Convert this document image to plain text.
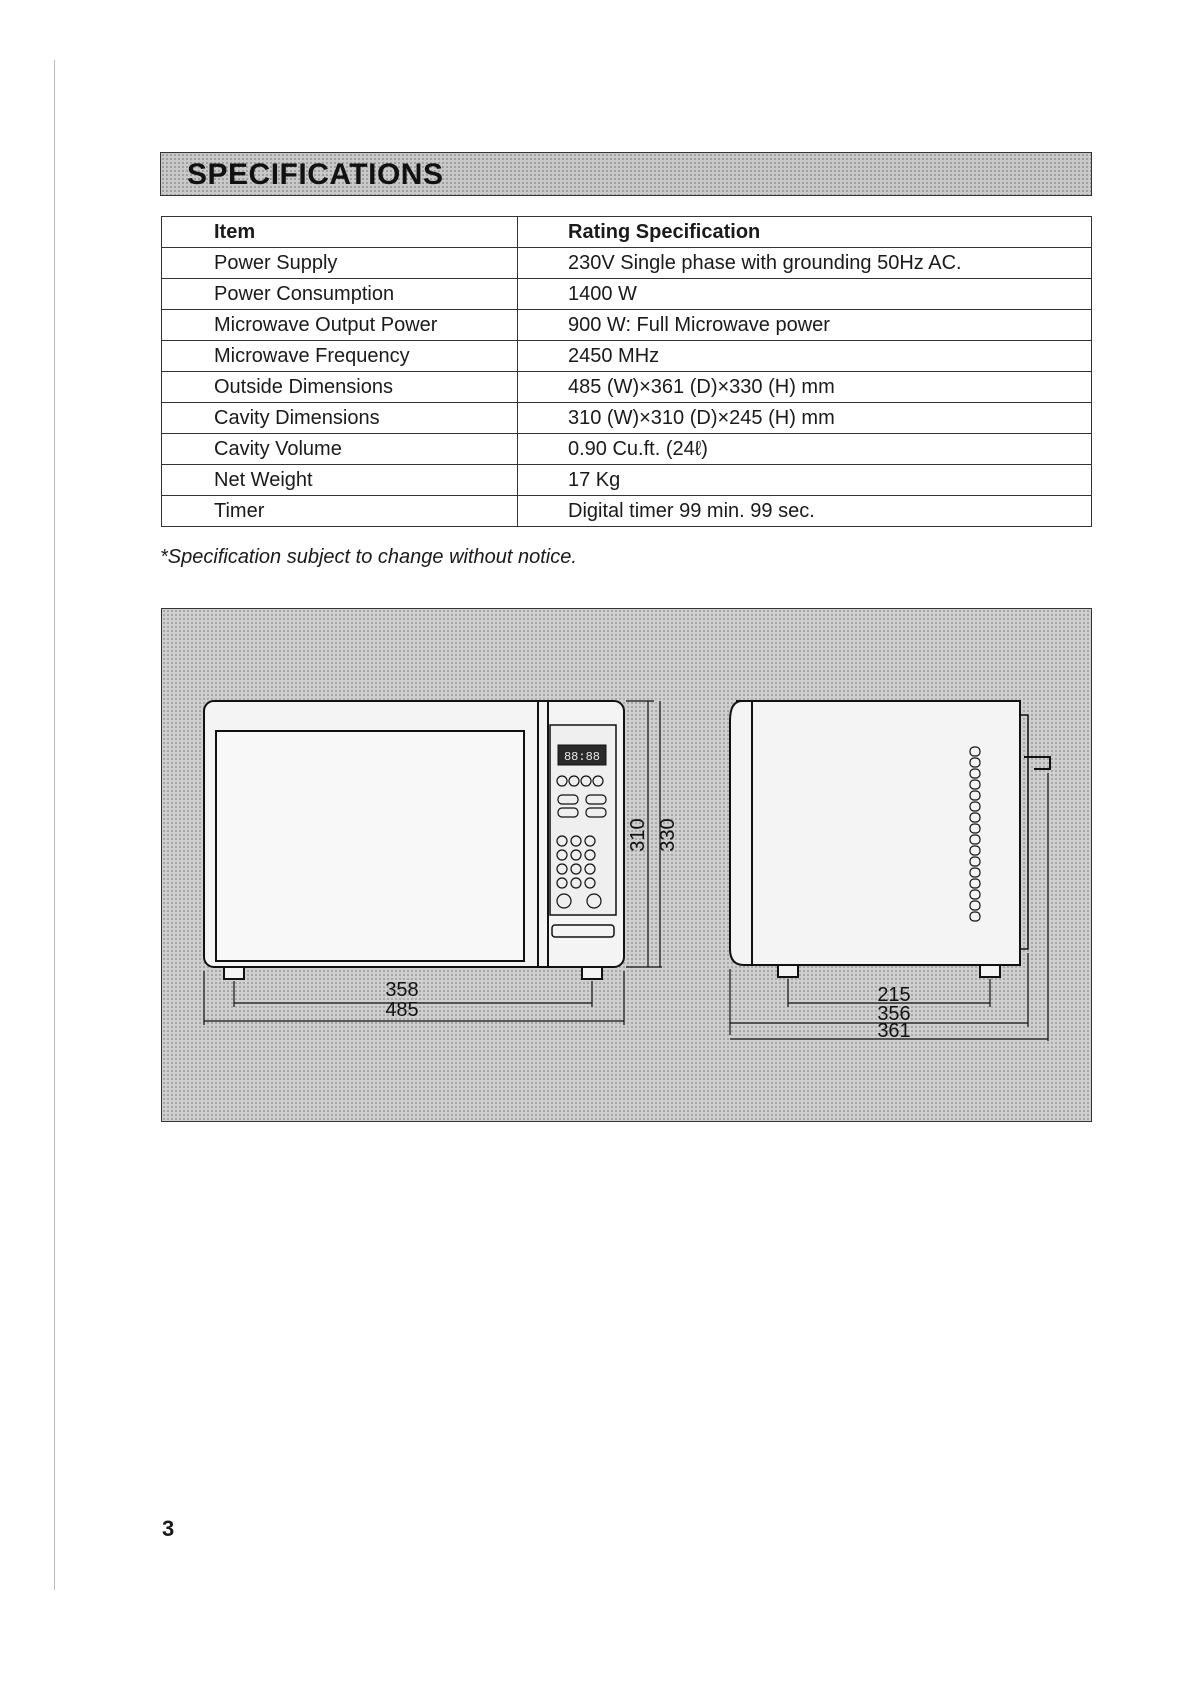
SPECIFICATIONS
Item	Rating Specification
Power Supply	230V Single phase with grounding 50Hz AC.
Power Consumption	1400 W
Microwave Output Power	900 W: Full Microwave power
Microwave Frequency	2450 MHz
Outside Dimensions	485 (W)×361 (D)×330 (H) mm
Cavity Dimensions	310 (W)×310 (D)×245 (H) mm
Cavity Volume	0.90 Cu.ft. (24ℓ)
Net Weight	17 Kg
Timer	Digital timer 99 min. 99 sec.
*Specification subject to change without notice.
88:88
358
485
310 330
215
356
361
3
